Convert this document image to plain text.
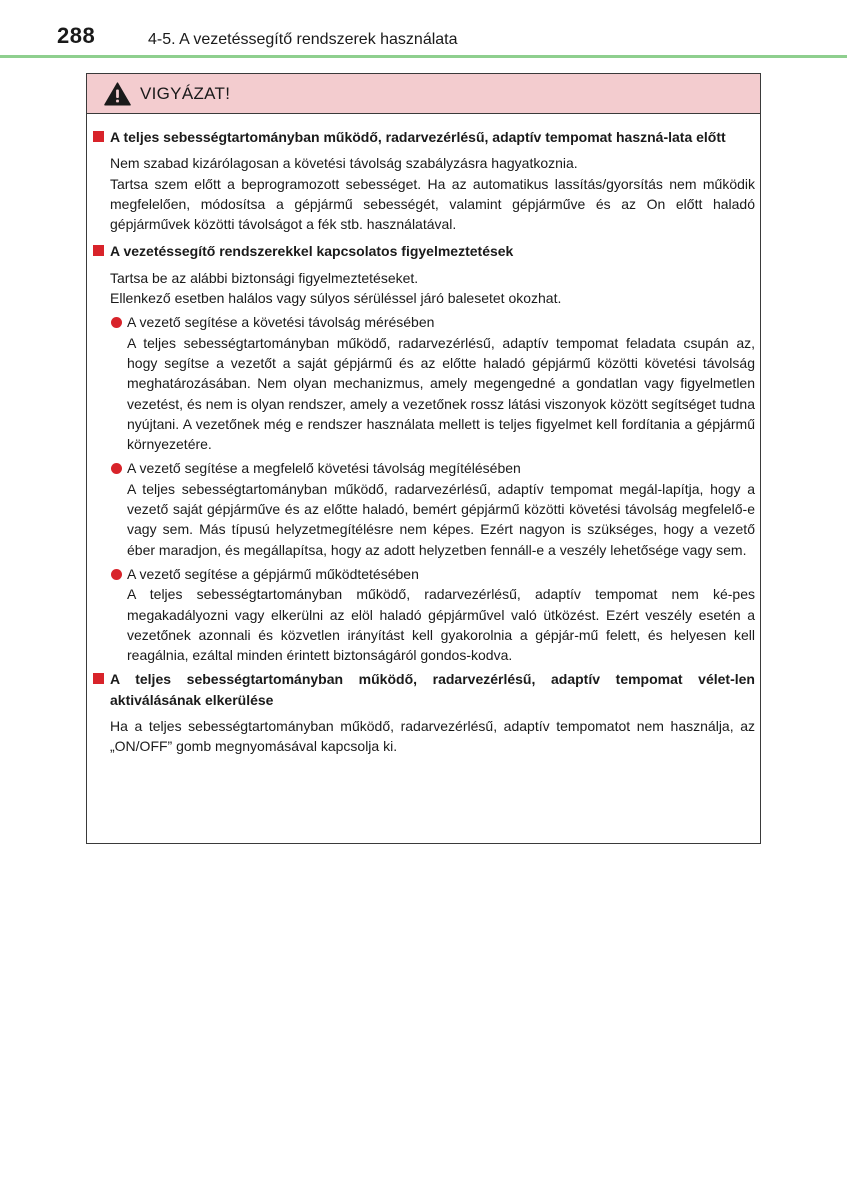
288	4-5. A vezetéssegítő rendszerek használata
VIGYÁZAT!
A teljes sebességtartományban működő, radarvezérlésű, adaptív tempomat haszná-lata előtt
Nem szabad kizárólagosan a követési távolság szabályzásra hagyatkoznia.
Tartsa szem előtt a beprogramozott sebességet. Ha az automatikus lassítás/gyorsítás nem működik megfelelően, módosítsa a gépjármű sebességét, valamint gépjárműve és az On előtt haladó gépjárművek közötti távolságot a fék stb. használatával.
A vezetéssegítő rendszerekkel kapcsolatos figyelmeztetések
Tartsa be az alábbi biztonsági figyelmeztetéseket.
Ellenkező esetben halálos vagy súlyos sérüléssel járó balesetet okozhat.
A vezető segítése a követési távolság mérésében
A teljes sebességtartományban működő, radarvezérlésű, adaptív tempomat feladata csupán az, hogy segítse a vezetőt a saját gépjármű és az előtte haladó gépjármű közötti követési távolság meghatározásában. Nem olyan mechanizmus, amely megengedné a gondatlan vagy figyelmetlen vezetést, és nem is olyan rendszer, amely a vezetőnek rossz látási viszonyok között segítséget tudna nyújtani. A vezetőnek még e rendszer használata mellett is teljes figyelmet kell fordítania a gépjármű környezetére.
A vezető segítése a megfelelő követési távolság megítélésében
A teljes sebességtartományban működő, radarvezérlésű, adaptív tempomat megál-lapítja, hogy a vezető saját gépjárműve és az előtte haladó, bemért gépjármű közötti követési távolság megfelelő-e vagy sem. Más típusú helyzetmegítélésre nem képes. Ezért nagyon is szükséges, hogy a vezető éber maradjon, és megállapítsa, hogy az adott helyzetben fennáll-e a veszély lehetősége vagy sem.
A vezető segítése a gépjármű működtetésében
A teljes sebességtartományban működő, radarvezérlésű, adaptív tempomat nem ké-pes megakadályozni vagy elkerülni az elöl haladó gépjárművel való ütközést. Ezért veszély esetén a vezetőnek azonnali és közvetlen irányítást kell gyakorolnia a gépjár-mű felett, és helyesen kell reagálnia, ezáltal minden érintett biztonságáról gondos-kodva.
A teljes sebességtartományban működő, radarvezérlésű, adaptív tempomat vélet-len aktiválásának elkerülése
Ha a teljes sebességtartományban működő, radarvezérlésű, adaptív tempomatot nem használja, az „ON/OFF” gomb megnyomásával kapcsolja ki.
